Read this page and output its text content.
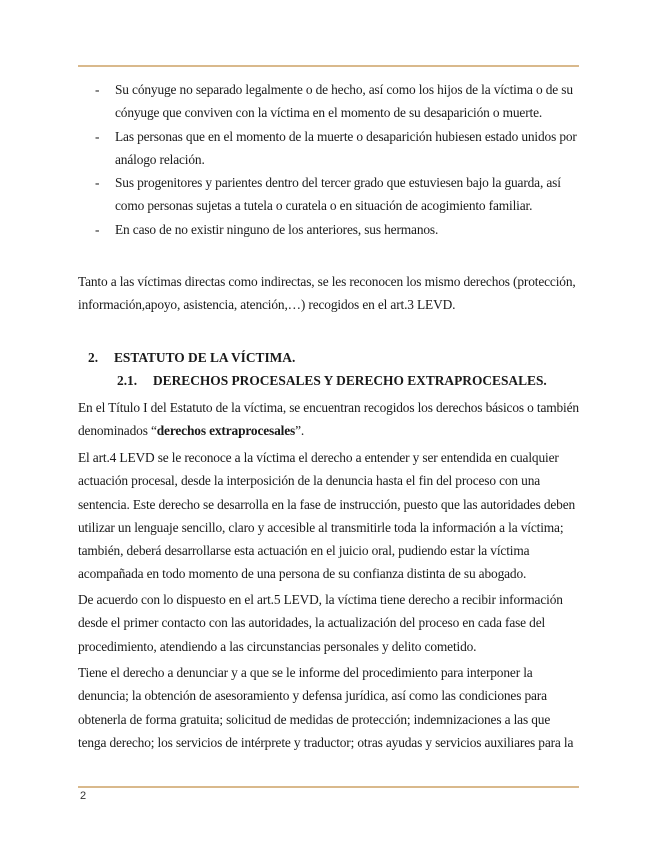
- Su cónyuge no separado legalmente o de hecho, así como los hijos de la víctima o de su cónyuge que conviven con la víctima en el momento de su desaparición o muerte.
- Las personas que en el momento de la muerte o desaparición hubiesen estado unidos por análogo relación.
- Sus progenitores y parientes dentro del tercer grado que estuviesen bajo la guarda, así como personas sujetas a tutela o curatela o en situación de acogimiento familiar.
- En caso de no existir ninguno de los anteriores, sus hermanos.

Tanto a las víctimas directas como indirectas, se les reconocen los mismo derechos (protección, información,apoyo, asistencia, atención,…) recogidos en el art.3 LEVD.

2. ESTATUTO DE LA VÍCTIMA.
2.1. DERECHOS PROCESALES Y DERECHO EXTRAPROCESALES.

En el Título I del Estatuto de la víctima, se encuentran recogidos los derechos básicos o también denominados “derechos extraprocesales”.

El art.4 LEVD se le reconoce a la víctima el derecho a entender y ser entendida en cualquier actuación procesal, desde la interposición de la denuncia hasta el fin del proceso con una sentencia. Este derecho se desarrolla en la fase de instrucción, puesto que las autoridades deben utilizar un lenguaje sencillo, claro y accesible al transmitirle toda la información a la víctima; también, deberá desarrollarse esta actuación en el juicio oral, pudiendo estar la víctima acompañada en todo momento de una persona de su confianza distinta de su abogado.

De acuerdo con lo dispuesto en el art.5 LEVD, la víctima tiene derecho a recibir información desde el primer contacto con las autoridades, la actualización del proceso en cada fase del procedimiento, atendiendo a las circunstancias personales y delito cometido.

Tiene el derecho a denunciar y a que se le informe del procedimiento para interponer la denuncia; la obtención de asesoramiento y defensa jurídica, así como las condiciones para obtenerla de forma gratuita; solicitud de medidas de protección; indemnizaciones a las que tenga derecho; los servicios de intérprete y traductor; otras ayudas y servicios auxiliares para la

2
